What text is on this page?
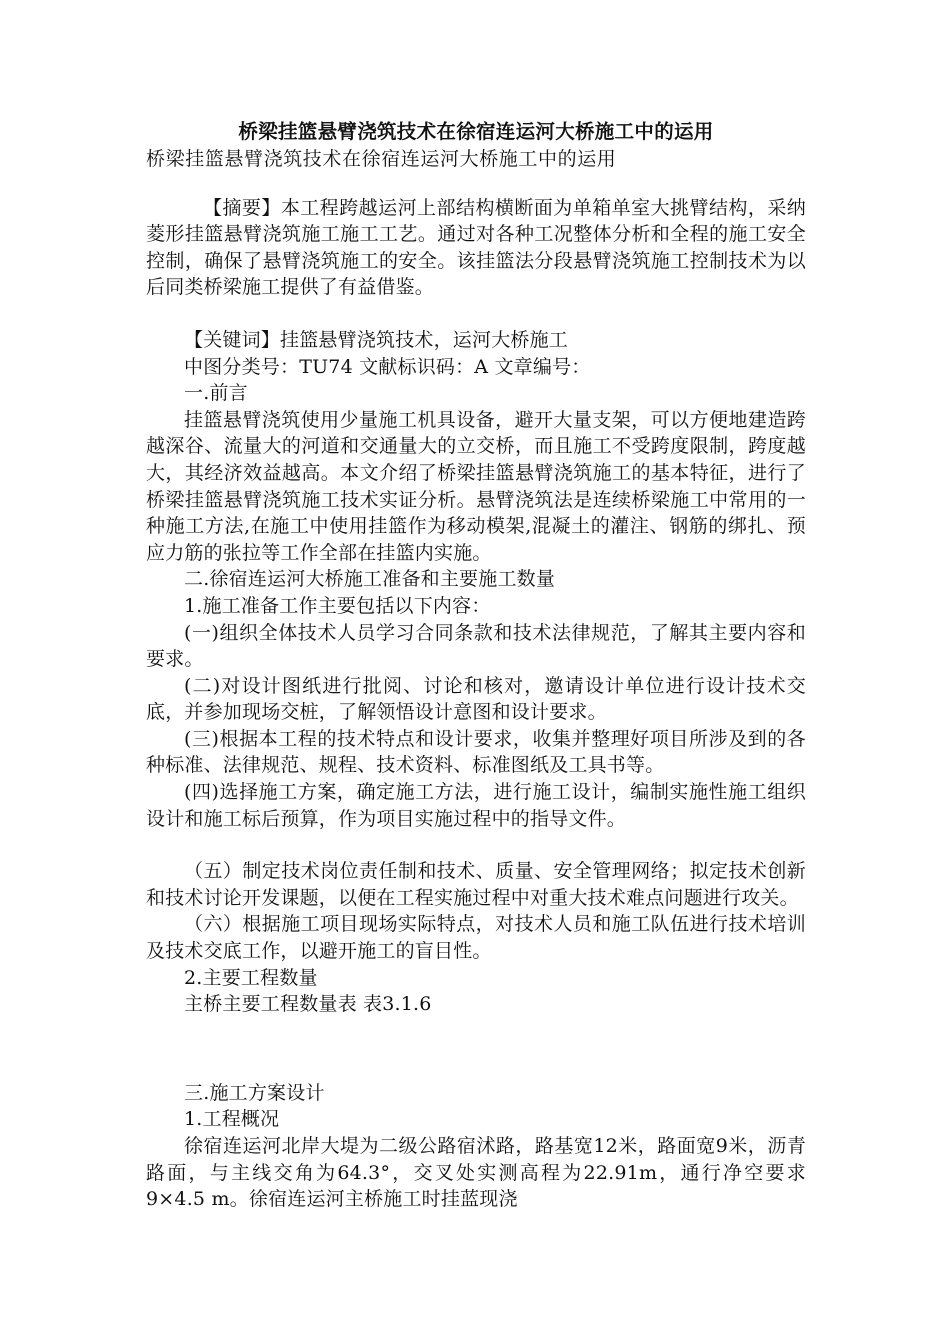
桥梁挂篮悬臂浇筑技术在徐宿连运河大桥施工中的运用

桥梁挂篮悬臂浇筑技术在徐宿连运河大桥施工中的运用

【摘要】本工程跨越运河上部结构横断面为单箱单室大挑臂结构，采纳菱形挂篮悬臂浇筑施工施工工艺。通过对各种工况整体分析和全程的施工安全控制，确保了悬臂浇筑施工的安全。该挂篮法分段悬臂浇筑施工控制技术为以后同类桥梁施工提供了有益借鉴。

【关键词】挂篮悬臂浇筑技术，运河大桥施工

中图分类号：TU74 文献标识码：A 文章编号：

一.前言

挂篮悬臂浇筑使用少量施工机具设备，避开大量支架，可以方便地建造跨越深谷、流量大的河道和交通量大的立交桥，而且施工不受跨度限制，跨度越大，其经济效益越高。本文介绍了桥梁挂篮悬臂浇筑施工的基本特征，进行了桥梁挂篮悬臂浇筑施工技术实证分析。悬臂浇筑法是连续桥梁施工中常用的一种施工方法,在施工中使用挂篮作为移动模架,混凝土的灌注、钢筋的绑扎、预应力筋的张拉等工作全部在挂篮内实施。

二.徐宿连运河大桥施工准备和主要施工数量

1.施工准备工作主要包括以下内容：

(一)组织全体技术人员学习合同条款和技术法律规范，了解其主要内容和要求。

(二)对设计图纸进行批阅、讨论和核对，邀请设计单位进行设计技术交底，并参加现场交桩，了解领悟设计意图和设计要求。

(三)根据本工程的技术特点和设计要求，收集并整理好项目所涉及到的各种标准、法律规范、规程、技术资料、标准图纸及工具书等。

(四)选择施工方案，确定施工方法，进行施工设计，编制实施性施工组织设计和施工标后预算，作为项目实施过程中的指导文件。

（五）制定技术岗位责任制和技术、质量、安全管理网络；拟定技术创新和技术讨论开发课题，以便在工程实施过程中对重大技术难点问题进行攻关。

（六）根据施工项目现场实际特点，对技术人员和施工队伍进行技术培训及技术交底工作，以避开施工的盲目性。

2.主要工程数量

主桥主要工程数量表 表3.1.6

三.施工方案设计

1.工程概况

徐宿连运河北岸大堤为二级公路宿沭路，路基宽12米，路面宽9米，沥青路面，与主线交角为64.3°，交叉处实测高程为22.91m，通行净空要求9×4.5 m。徐宿连运河主桥施工时挂蓝现浇
